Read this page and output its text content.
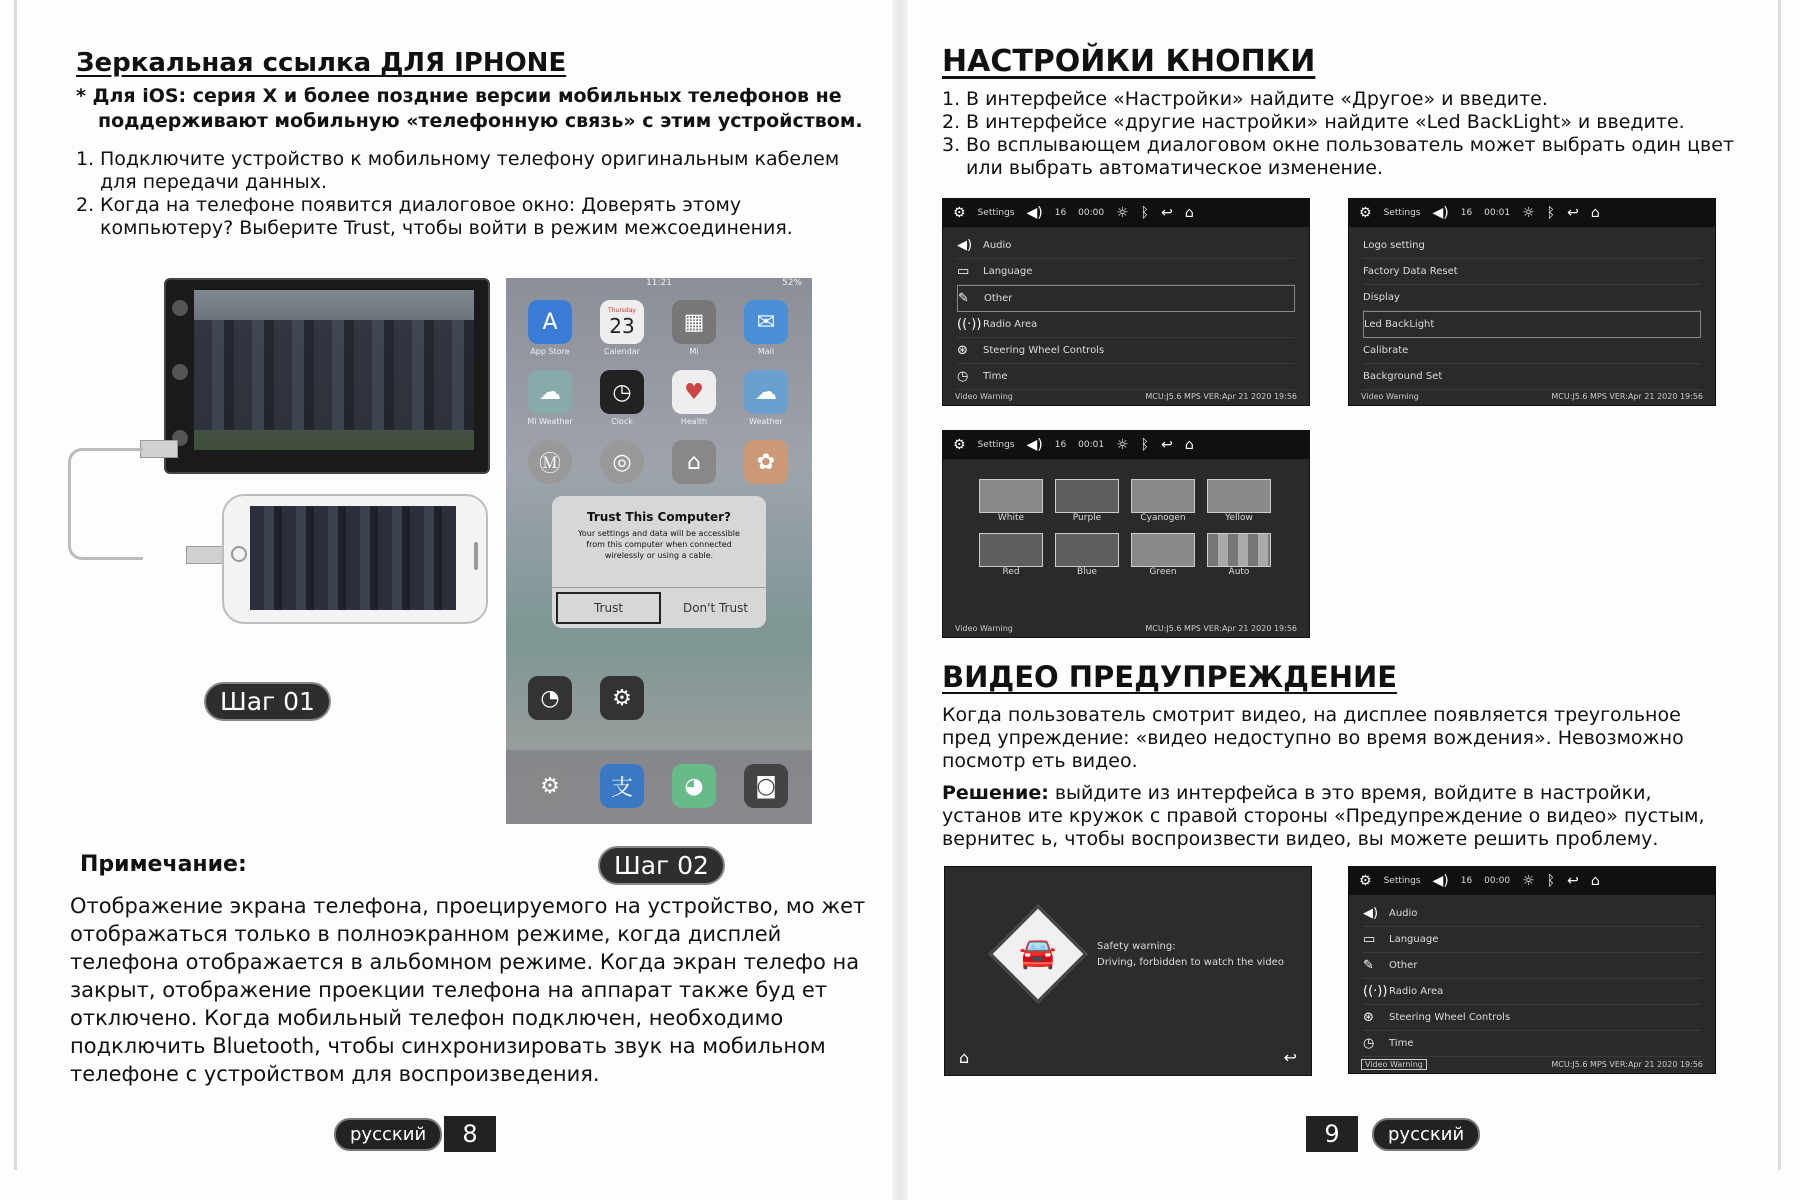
Зеркальная ссылка ДЛЯ IPHONE
* Для iOS: серия X и более поздние версии мобильных телефонов не
поддерживают мобильную «телефонную связь» с этим устройством.
1. Подключите устройство к мобильному телефону оригинальным кабелем для передачи данных.
2. Когда на телефоне появится диалоговое окно: Доверять этому компьютеру? Выберите Trust, чтобы войти в режим межсоединения.
Шаг 01
11:21	52%
A
App Store
Thursday
23
Calendar
▦
Mi
✉
Mail
☁
Mi Weather
◷
Clock
♥
Health
☁
Weather
Ⓜ	◎	⌂	✿
Trust This Computer?
Your settings and data will be accessible from this computer when connected wirelessly or using a cable.
Trust	Don't Trust
◔	⚙
⚙	支	◕	◙
Примечание:	Шаг 02
Отображение экрана телефона, проецируемого на устройство, мо жет отображаться только в полноэкранном режиме, когда дисплей телефона отображается в альбомном режиме. Когда экран телефо на закрыт, отображение проекции телефона на аппарат также буд ет отключено. Когда мобильный телефон подключен, необходимо подключить Bluetooth, чтобы синхронизировать звук на мобильном телефоне с устройством для воспроизведения.
русский	8
НАСТРОЙКИ КНОПКИ
1. В интерфейсе «Настройки» найдите «Другое» и введите.
2. В интерфейсе «другие настройки» найдите «Led BackLight» и введите.
3. Во всплывающем диалоговом окне пользователь может выбрать один цвет или выбрать автоматическое изменение.
⚙ Settings ◀) 16 00:00 ☼ ᛒ ↩ ⌂
◀) Audio
▭	Language
✎	Other
((·)) Radio Area
⊛	Steering Wheel Controls
◷	Time
Video Warning	MCU:J5.6 MPS VER:Apr 21 2020 19:56
⚙ Settings ◀) 16 00:01 ☼ ᛒ ↩ ⌂
Logo setting
Factory Data Reset
Display
Led BackLight
Calibrate
Background Set
Video Warning	MCU:J5.6 MPS VER:Apr 21 2020 19:56
⚙ Settings ◀) 16 00:01 ☼ ᛒ ↩ ⌂
White	Purple	Cyanogen	Yellow
Red	Blue	Green	Auto
Video Warning	MCU:J5.6 MPS VER:Apr 21 2020 19:56
ВИДЕО ПРЕДУПРЕЖДЕНИЕ
Когда пользователь смотрит видео, на дисплее появляется треугольное пред упреждение: «видео недоступно во время вождения». Невозможно посмотр еть видео.
Решение: выйдите из интерфейса в это время, войдите в настройки, установ ите кружок с правой стороны «Предупреждение о видео» пустым, вернитес ь, чтобы воспроизвести видео, вы можете решить проблему.
🚘	Safety warning:
Driving, forbidden to watch the video
⌂	↩
⚙ Settings ◀) 16 00:00 ☼ ᛒ ↩ ⌂
◀) Audio
▭	Language
✎	Other
((·)) Radio Area
⊛	Steering Wheel Controls
◷	Time
Video Warning	MCU:J5.6 MPS VER:Apr 21 2020 19:56
9	русский
